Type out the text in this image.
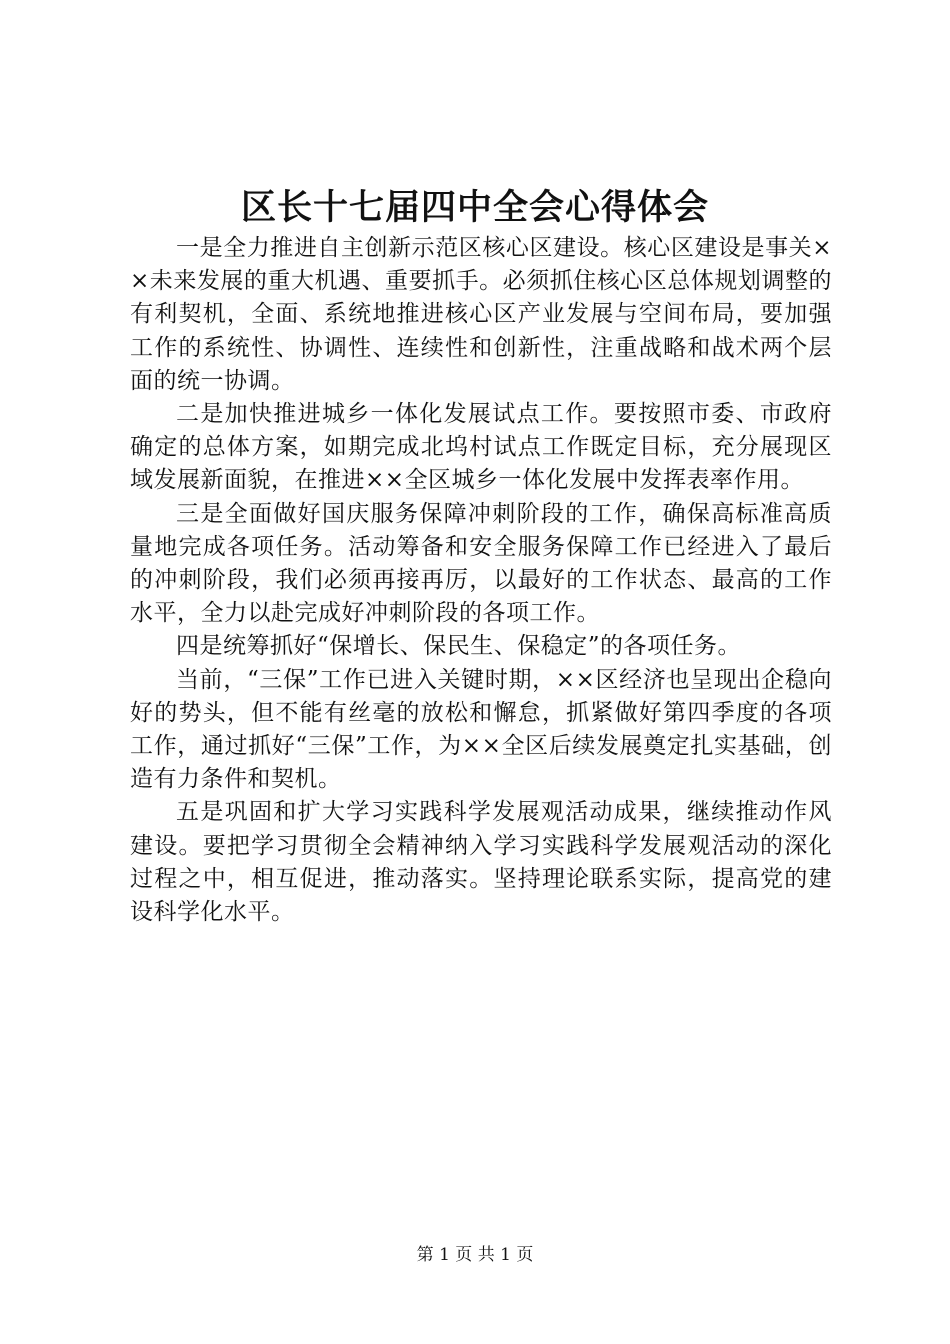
区长十七届四中全会心得体会

一是全力推进自主创新示范区核心区建设。核心区建设是事关××未来发展的重大机遇、重要抓手。必须抓住核心区总体规划调整的有利契机，全面、系统地推进核心区产业发展与空间布局，要加强工作的系统性、协调性、连续性和创新性，注重战略和战术两个层面的统一协调。

二是加快推进城乡一体化发展试点工作。要按照市委、市政府确定的总体方案，如期完成北坞村试点工作既定目标，充分展现区域发展新面貌，在推进××全区城乡一体化发展中发挥表率作用。

三是全面做好国庆服务保障冲刺阶段的工作，确保高标准高质量地完成各项任务。活动筹备和安全服务保障工作已经进入了最后的冲刺阶段，我们必须再接再厉，以最好的工作状态、最高的工作水平，全力以赴完成好冲刺阶段的各项工作。

四是统筹抓好“保增长、保民生、保稳定”的各项任务。

当前，“三保”工作已进入关键时期，××区经济也呈现出企稳向好的势头，但不能有丝毫的放松和懈怠，抓紧做好第四季度的各项工作，通过抓好“三保”工作，为××全区后续发展奠定扎实基础，创造有力条件和契机。

五是巩固和扩大学习实践科学发展观活动成果，继续推动作风建设。要把学习贯彻全会精神纳入学习实践科学发展观活动的深化过程之中，相互促进，推动落实。坚持理论联系实际，提高党的建设科学化水平。

第 1 页 共 1 页
